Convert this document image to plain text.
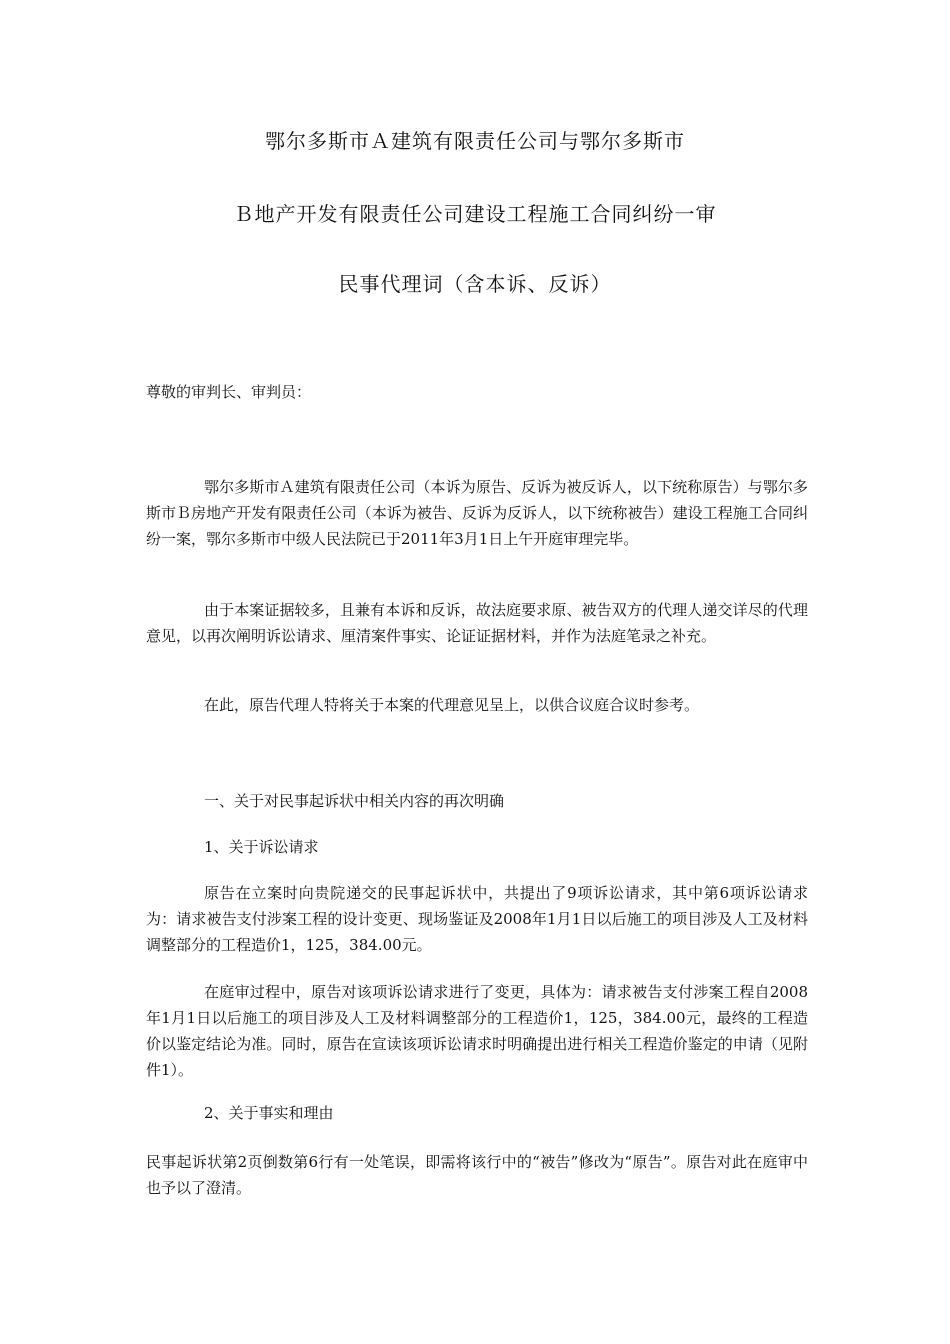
鄂尔多斯市Ａ建筑有限责任公司与鄂尔多斯市
Ｂ地产开发有限责任公司建设工程施工合同纠纷一审
民事代理词（含本诉、反诉）
尊敬的审判长、审判员：

鄂尔多斯市Ａ建筑有限责任公司（本诉为原告、反诉为被反诉人，以下统称原告）与鄂尔多斯市Ｂ房地产开发有限责任公司（本诉为被告、反诉为反诉人，以下统称被告）建设工程施工合同纠纷一案，鄂尔多斯市中级人民法院已于2011年3月1日上午开庭审理完毕。

由于本案证据较多，且兼有本诉和反诉，故法庭要求原、被告双方的代理人递交详尽的代理意见，以再次阐明诉讼请求、厘清案件事实、论证证据材料，并作为法庭笔录之补充。

在此，原告代理人特将关于本案的代理意见呈上，以供合议庭合议时参考。

一、关于对民事起诉状中相关内容的再次明确

1、关于诉讼请求

原告在立案时向贵院递交的民事起诉状中，共提出了9项诉讼请求，其中第6项诉讼请求为：请求被告支付涉案工程的设计变更、现场鉴证及2008年1月1日以后施工的项目涉及人工及材料调整部分的工程造价1，125，384.00元。

在庭审过程中，原告对该项诉讼请求进行了变更，具体为：请求被告支付涉案工程自2008年1月1日以后施工的项目涉及人工及材料调整部分的工程造价1，125，384.00元，最终的工程造价以鉴定结论为准。同时，原告在宣读该项诉讼请求时明确提出进行相关工程造价鉴定的申请（见附件1）。

2、关于事实和理由

民事起诉状第2页倒数第6行有一处笔误，即需将该行中的“被告”修改为“原告”。原告对此在庭审中也予以了澄清。
